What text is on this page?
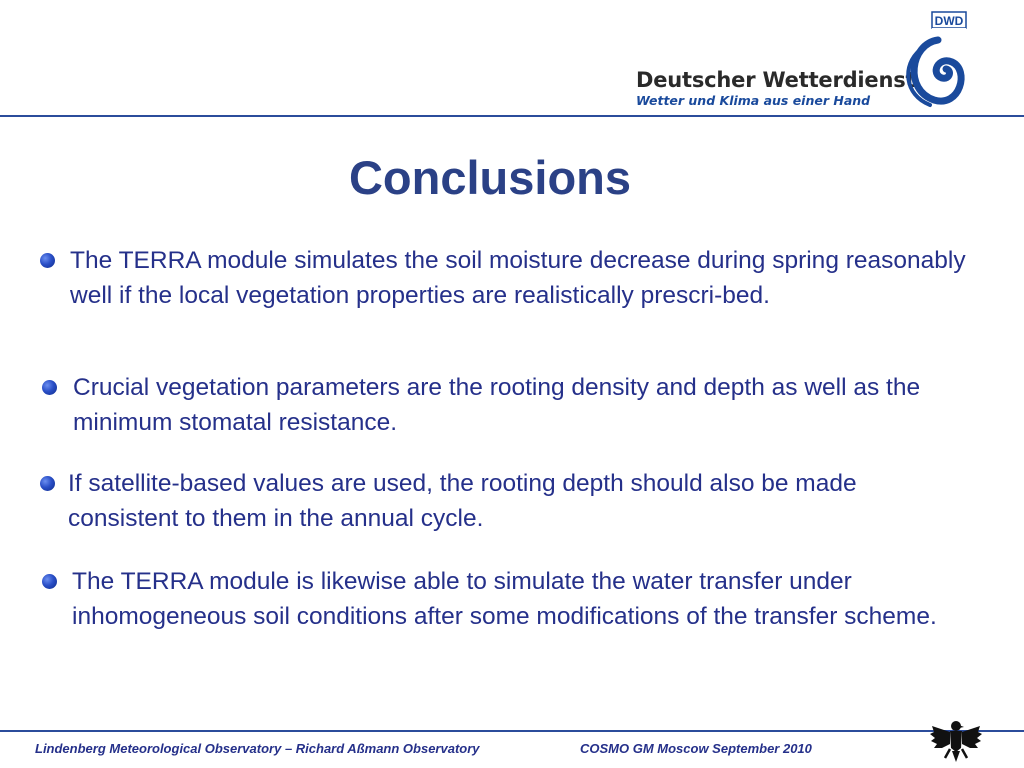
Deutscher Wetterdienst
Wetter und Klima aus einer Hand
DWD
Conclusions
The TERRA module simulates the soil moisture decrease during spring reasonably well if the local vegetation properties are realistically prescri-bed.
Crucial vegetation parameters are the rooting density and depth as well as the minimum stomatal resistance.
If satellite-based values are used, the rooting depth should also be made consistent to them in the annual cycle.
The TERRA module is likewise able to simulate the water transfer under inhomogeneous soil conditions after some modifications of the transfer scheme.
Lindenberg Meteorological Observatory – Richard Aßmann Observatory	COSMO GM Moscow September 2010
